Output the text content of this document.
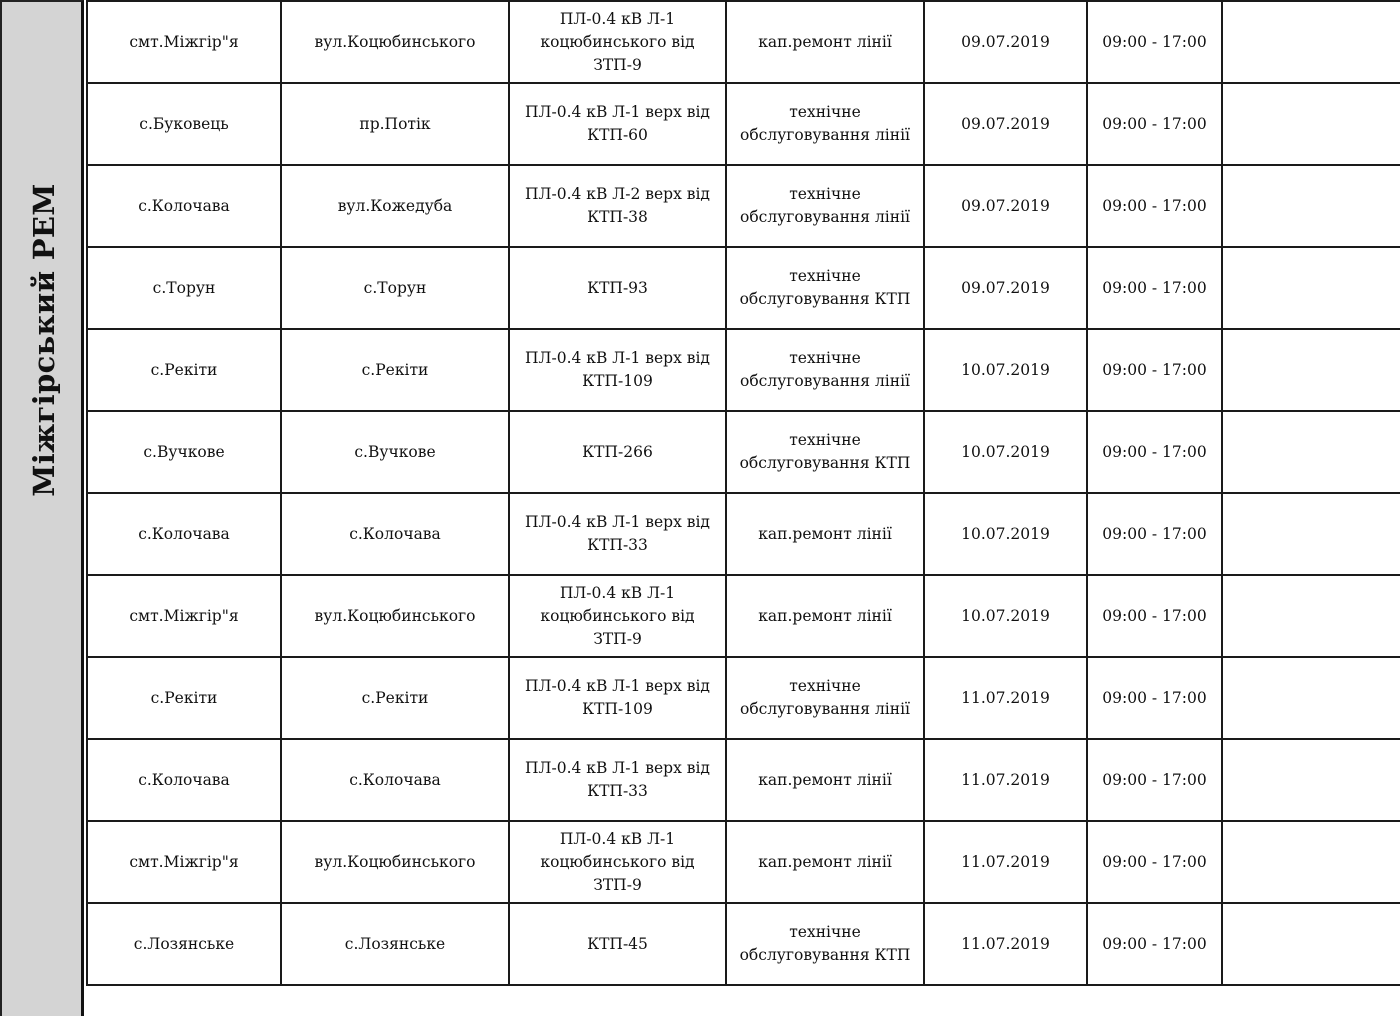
Міжгірський РЕМ
смт.Міжгір"я	вул.Коцюбинського	ПЛ-0.4 кВ Л-1 коцюбинського від ЗТП-9	кап.ремонт лінії	09.07.2019	09:00 - 17:00	
с.Буковець	пр.Потік	ПЛ-0.4 кВ Л-1 верх від КТП-60	технічне обслуговування лінії	09.07.2019	09:00 - 17:00	
с.Колочава	вул.Кожедуба	ПЛ-0.4 кВ Л-2 верх від КТП-38	технічне обслуговування лінії	09.07.2019	09:00 - 17:00	
с.Торун	с.Торун	КТП-93	технічне обслуговування КТП	09.07.2019	09:00 - 17:00	
с.Рекіти	с.Рекіти	ПЛ-0.4 кВ Л-1 верх від КТП-109	технічне обслуговування лінії	10.07.2019	09:00 - 17:00	
с.Вучкове	с.Вучкове	КТП-266	технічне обслуговування КТП	10.07.2019	09:00 - 17:00	
с.Колочава	с.Колочава	ПЛ-0.4 кВ Л-1 верх від КТП-33	кап.ремонт лінії	10.07.2019	09:00 - 17:00	
смт.Міжгір"я	вул.Коцюбинського	ПЛ-0.4 кВ Л-1 коцюбинського від ЗТП-9	кап.ремонт лінії	10.07.2019	09:00 - 17:00	
с.Рекіти	с.Рекіти	ПЛ-0.4 кВ Л-1 верх від КТП-109	технічне обслуговування лінії	11.07.2019	09:00 - 17:00	
с.Колочава	с.Колочава	ПЛ-0.4 кВ Л-1 верх від КТП-33	кап.ремонт лінії	11.07.2019	09:00 - 17:00	
смт.Міжгір"я	вул.Коцюбинського	ПЛ-0.4 кВ Л-1 коцюбинського від ЗТП-9	кап.ремонт лінії	11.07.2019	09:00 - 17:00	
с.Лозянське	с.Лозянське	КТП-45	технічне обслуговування КТП	11.07.2019	09:00 - 17:00	
